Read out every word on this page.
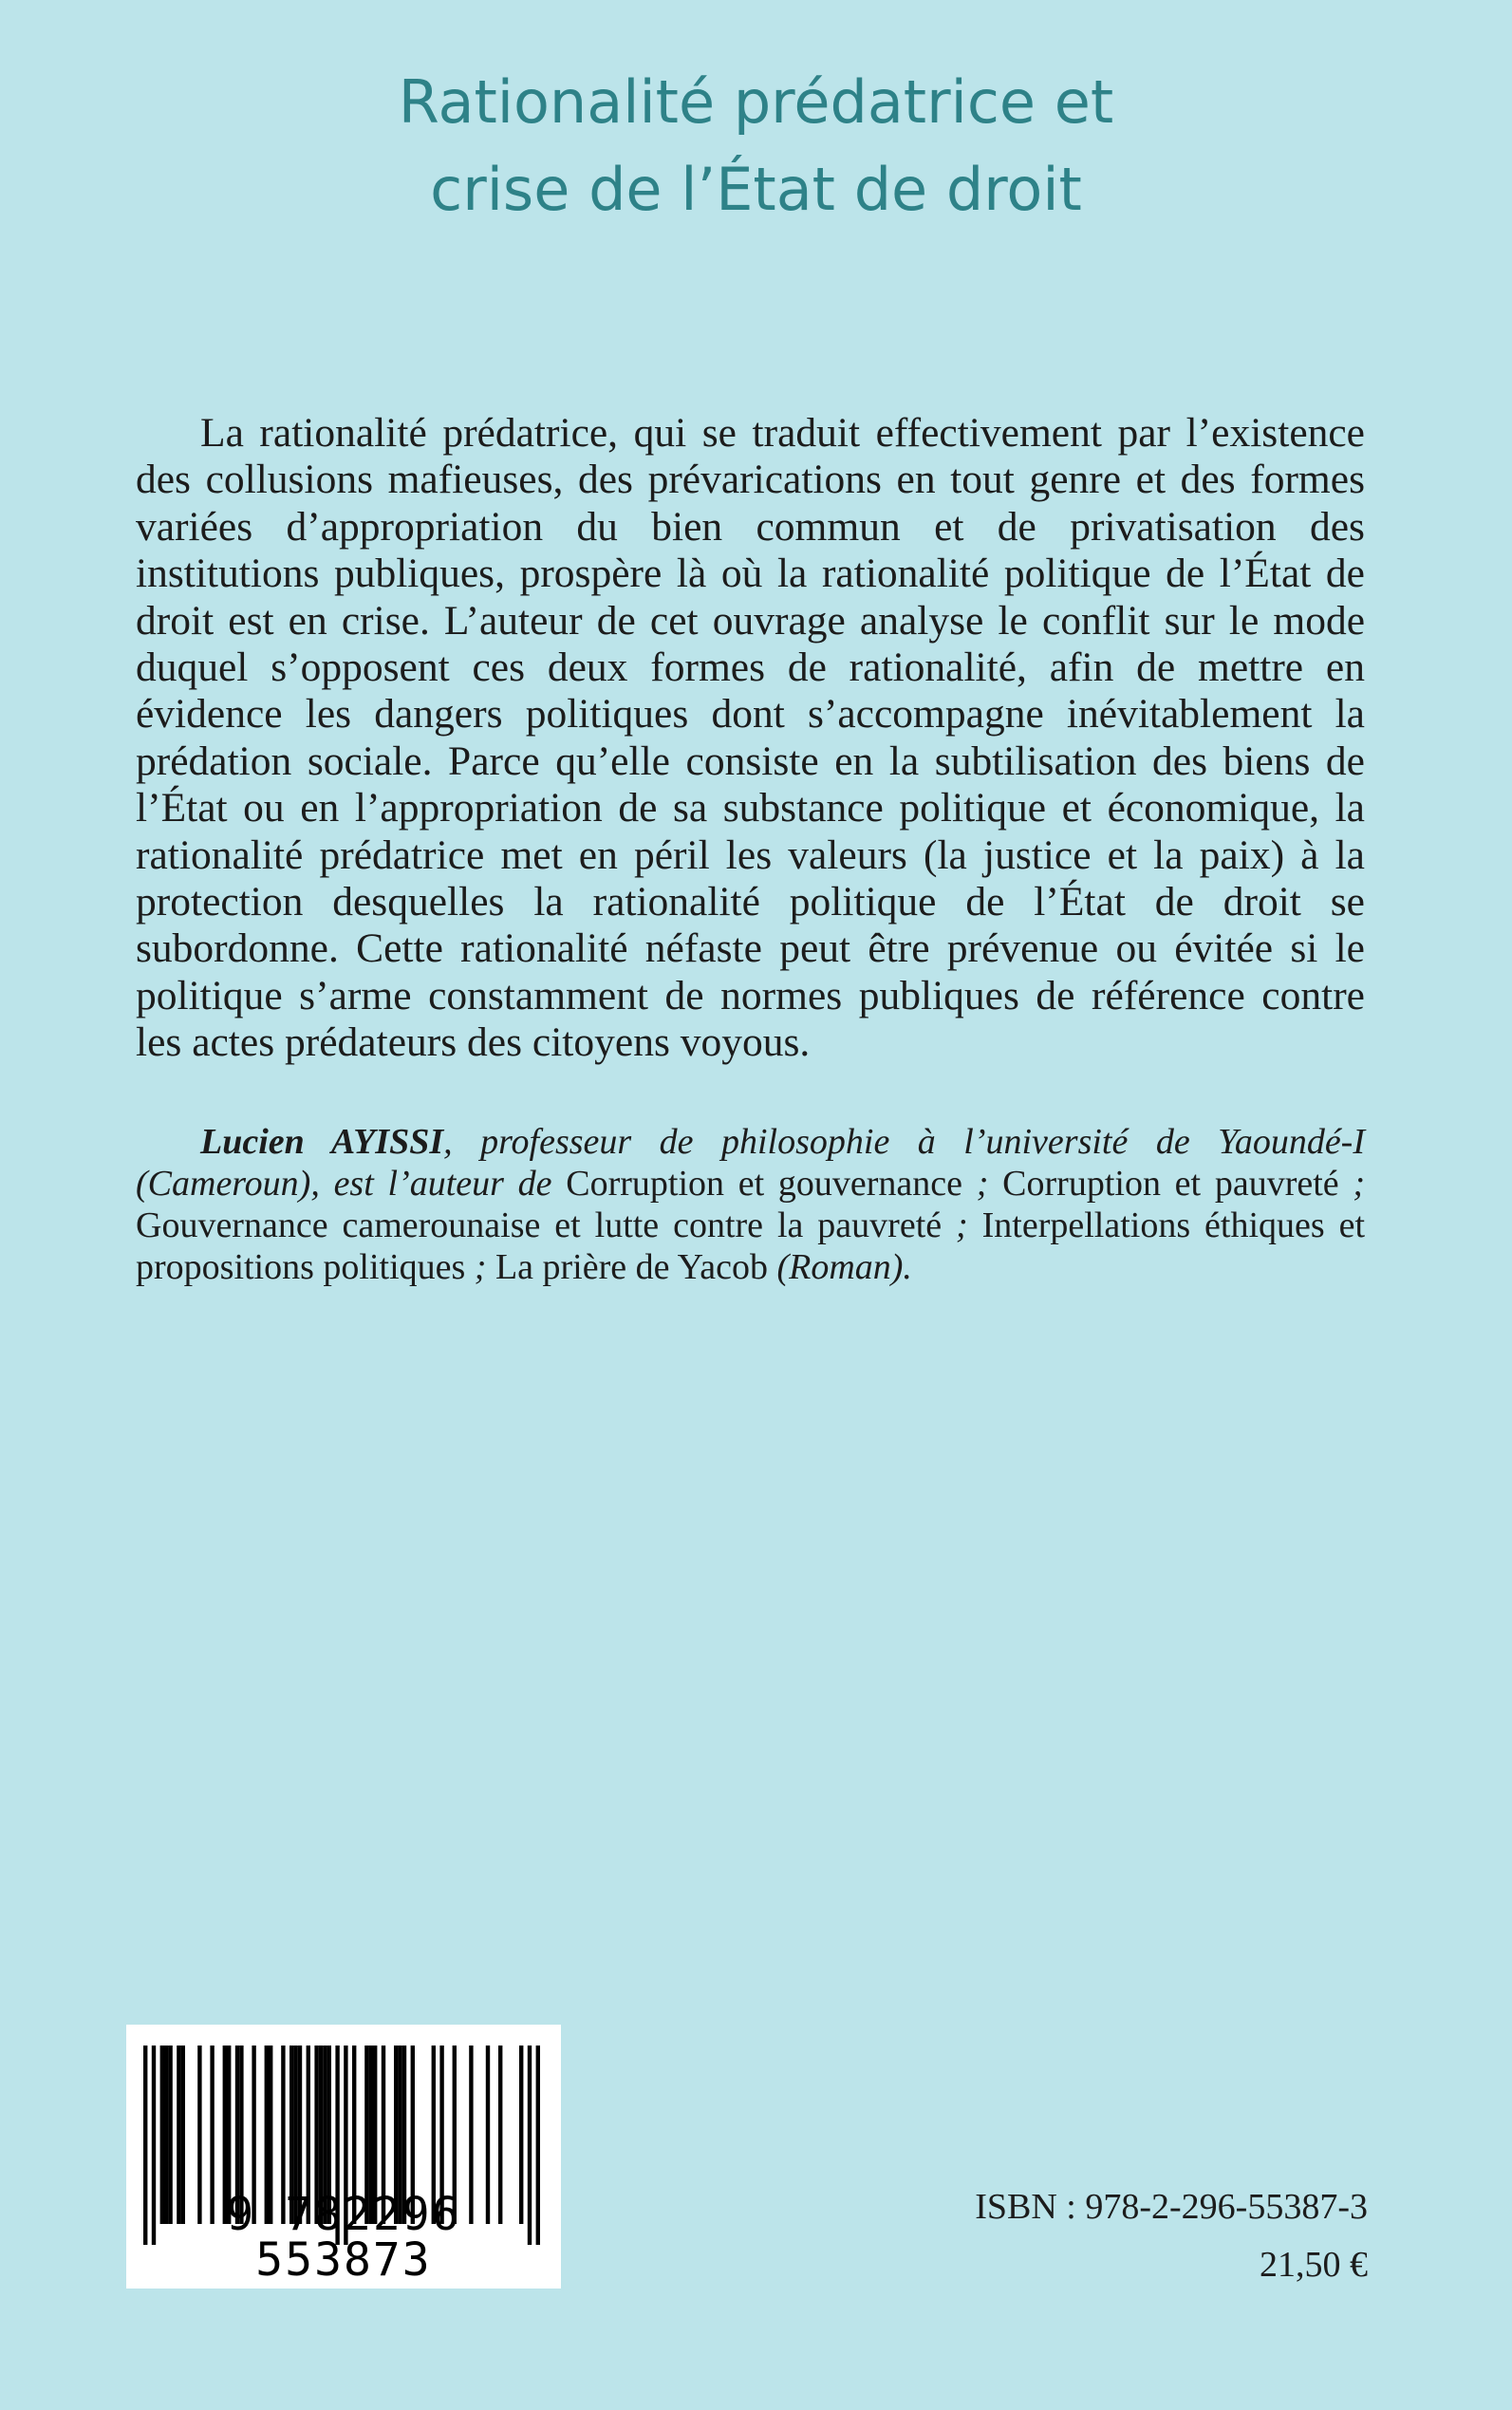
Rationalité prédatrice et
crise de l’État de droit

La rationalité prédatrice, qui se traduit effectivement par l’existence des collusions mafieuses, des prévarications en tout genre et des formes variées d’appropriation du bien commun et de privatisation des institutions publiques, prospère là où la rationalité politique de l’État de droit est en crise. L’auteur de cet ouvrage analyse le conflit sur le mode duquel s’opposent ces deux formes de rationalité, afin de mettre en évidence les dangers politiques dont s’accompagne inévitablement la prédation sociale. Parce qu’elle consiste en la subtilisation des biens de l’État ou en l’appropriation de sa substance politique et économique, la rationalité prédatrice met en péril les valeurs (la justice et la paix) à la protection desquelles la rationalité politique de l’État de droit se subordonne. Cette rationalité néfaste peut être prévenue ou évitée si le politique s’arme constamment de normes publiques de référence contre les actes prédateurs des citoyens voyous.

Lucien AYISSI, professeur de philosophie à l’université de Yaoundé-I (Cameroun), est l’auteur de Corruption et gouvernance ; Corruption et pauvreté ; Gouvernance camerounaise et lutte contre la pauvreté ; Interpellations éthiques et propositions politiques ; La prière de Yacob (Roman).

9 782296 553873

ISBN : 978-2-296-55387-3

21,50 €
